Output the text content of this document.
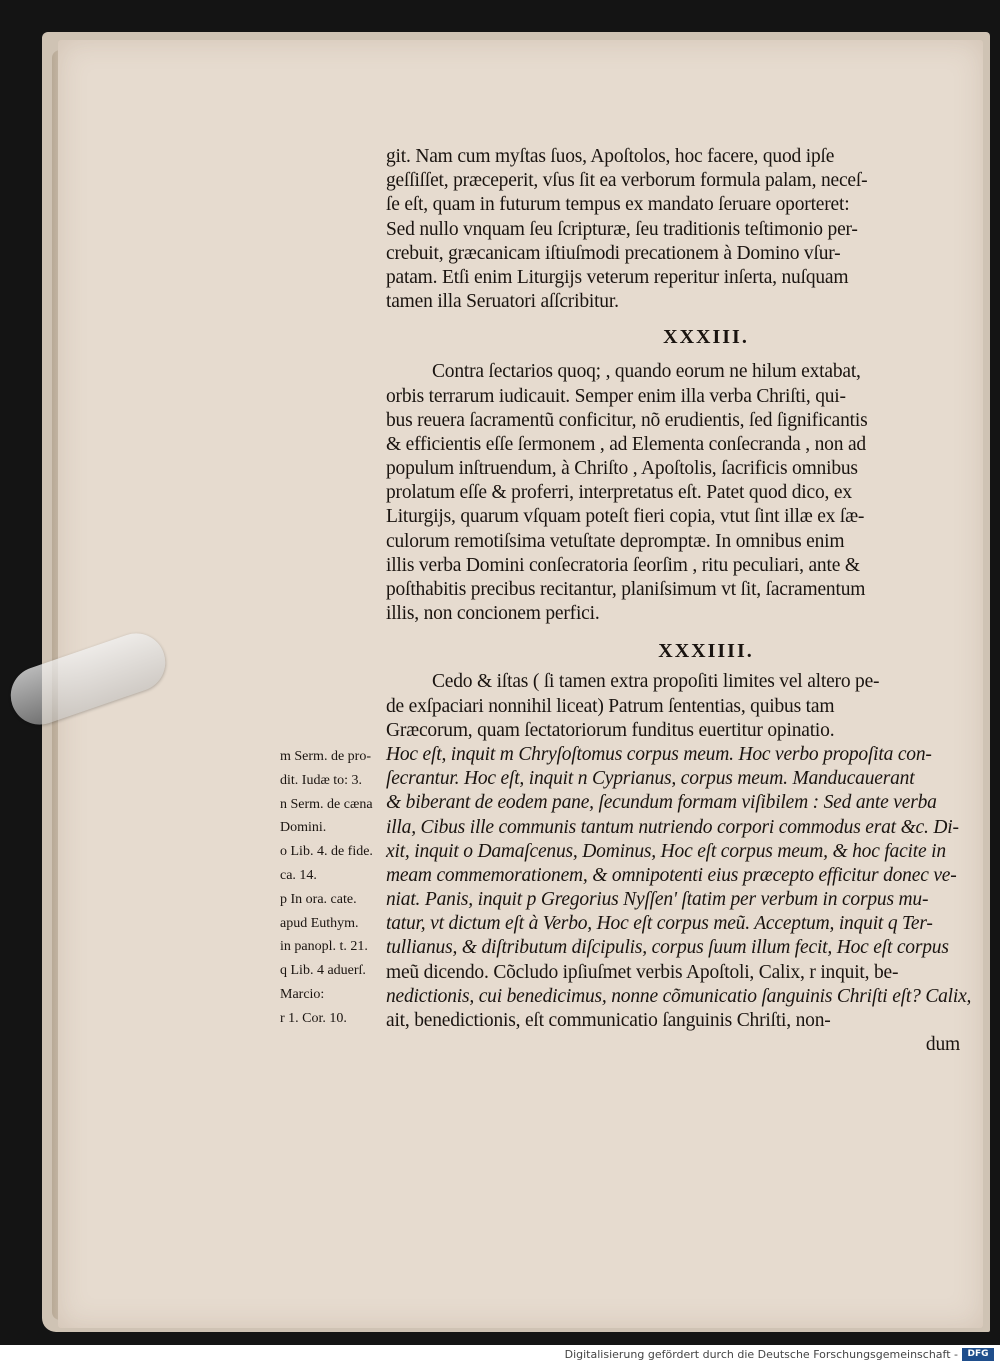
git. Nam cum myſtas ſuos, Apoſtolos, hoc facere, quod ipſe
geſſiſſet, præceperit, vſus ſit ea verborum formula palam, neceſ-
ſe eſt, quam in futurum tempus ex mandato ſeruare oporteret:
Sed nullo vnquam ſeu ſcripturæ, ſeu traditionis teſtimonio per-
crebuit, græcanicam iſtiuſmodi precationem à Domino vſur-
patam. Etſi enim Liturgijs veterum reperitur inſerta, nuſquam
tamen illa Seruatori aſſcribitur.
XXXIII.
Contra ſectarios quoq; , quando eorum ne hilum extabat,
orbis terrarum iudicauit. Semper enim illa verba Chriſti, qui-
bus reuera ſacramentũ conficitur, nõ erudientis, ſed ſignificantis
& efficientis eſſe ſermonem , ad Elementa conſecranda , non ad
populum inſtruendum, à Chriſto , Apoſtolis, ſacrificis omnibus
prolatum eſſe & proferri, interpretatus eſt. Patet quod dico, ex
Liturgijs, quarum vſquam poteſt fieri copia, vtut ſint illæ ex ſæ-
culorum remotiſsima vetuſtate depromptæ. In omnibus enim
illis verba Domini conſecratoria ſeorſim , ritu peculiari, ante &
poſthabitis precibus recitantur, planiſsimum vt ſit, ſacramentum
illis, non concionem perfici.
XXXIIII.
Cedo & iſtas ( ſi tamen extra propoſiti limites vel altero pe-
de exſpaciari nonnihil liceat) Patrum ſententias, quibus tam
Græcorum, quam ſectatoriorum funditus euertitur opinatio.
Hoc eſt, inquit m Chryſoſtomus corpus meum. Hoc verbo propoſita con-
ſecrantur. Hoc eſt, inquit n Cyprianus, corpus meum. Manducauerant
& biberant de eodem pane, ſecundum formam viſibilem : Sed ante verba
illa, Cibus ille communis tantum nutriendo corpori commodus erat &c. Di-
xit, inquit o Damaſcenus, Dominus, Hoc eſt corpus meum, & hoc facite in
meam commemorationem, & omnipotenti eius præcepto efficitur donec ve-
niat. Panis, inquit p Gregorius Nyſſen' ſtatim per verbum in corpus mu-
tatur, vt dictum eſt à Verbo, Hoc eſt corpus meũ. Acceptum, inquit q Ter-
tullianus, & diſtributum diſcipulis, corpus ſuum illum fecit, Hoc eſt corpus
meũ dicendo. Cõcludo ipſiuſmet verbis Apoſtoli, Calix, r inquit, be-
nedictionis, cui benedicimus, nonne cõmunicatio ſanguinis Chriſti eſt? Calix,
ait, benedictionis, eſt communicatio ſanguinis Chriſti, non-
dum
m Serm. de pro-
dit. Iudæ to: 3.
n Serm. de cæna
Domini.
o Lib. 4. de fide.
ca. 14.
p In ora. cate.
apud Euthym.
in panopl. t. 21.
q Lib. 4 aduerſ.
Marcio:
r 1. Cor. 10.
Digitalisierung gefördert durch die Deutsche Forschungsgemeinschaft -	DFG
